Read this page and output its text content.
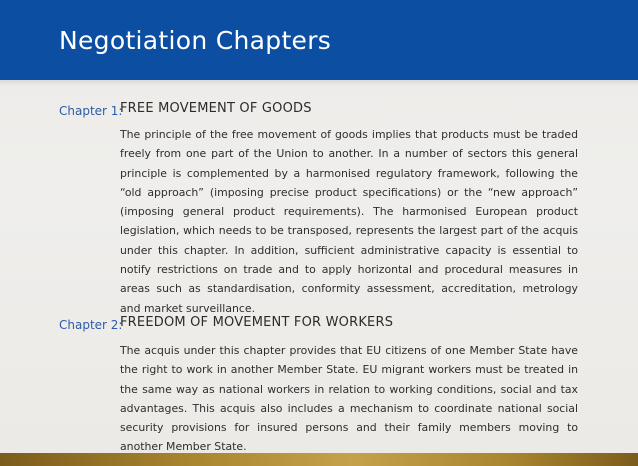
Negotiation Chapters
Chapter 1:
FREE MOVEMENT OF GOODS

The principle of the free movement of goods implies that products must be traded freely from one part of the Union to another. In a number of sectors this general principle is complemented by a harmonised regulatory framework, following the “old approach” (imposing precise product specifications) or the “new approach” (imposing general product requirements). The harmonised European product legislation, which needs to be transposed, represents the largest part of the acquis under this chapter. In addition, sufficient administrative capacity is essential to notify restrictions on trade and to apply horizontal and procedural measures in areas such as standardisation, conformity assessment, accreditation, metrology and market surveillance.

Chapter 2:
FREEDOM OF MOVEMENT FOR WORKERS

The acquis under this chapter provides that EU citizens of one Member State have the right to work in another Member State. EU migrant workers must be treated in the same way as national workers in relation to working conditions, social and tax advantages. This acquis also includes a mechanism to coordinate national social security provisions for insured persons and their family members moving to another Member State.
